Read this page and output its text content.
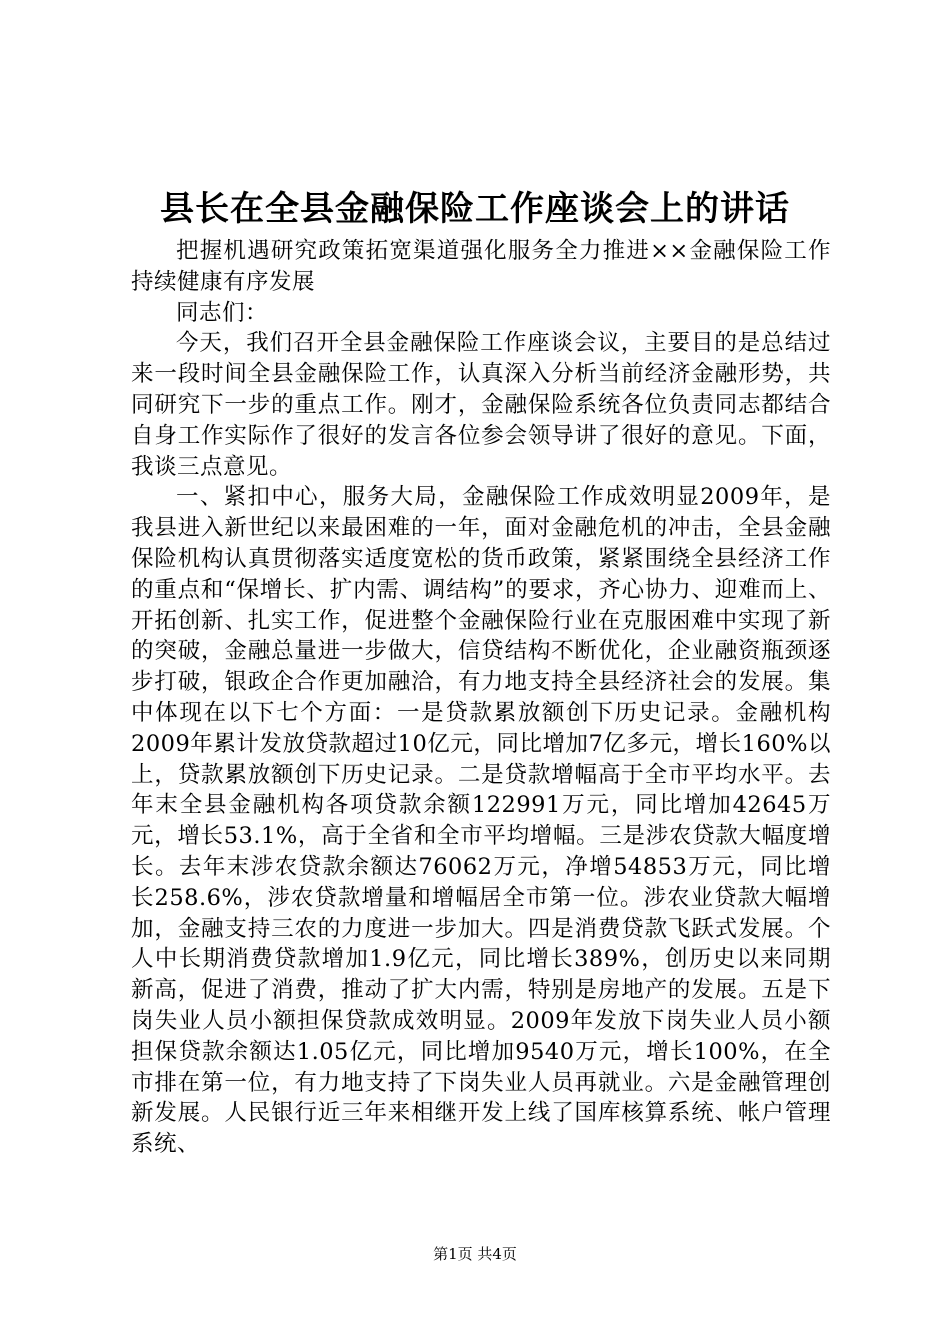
县长在全县金融保险工作座谈会上的讲话

把握机遇研究政策拓宽渠道强化服务全力推进××金融保险工作持续健康有序发展

同志们：

今天，我们召开全县金融保险工作座谈会议，主要目的是总结过来一段时间全县金融保险工作，认真深入分析当前经济金融形势，共同研究下一步的重点工作。刚才，金融保险系统各位负责同志都结合自身工作实际作了很好的发言各位参会领导讲了很好的意见。下面，我谈三点意见。

一、紧扣中心，服务大局，金融保险工作成效明显2009年，是我县进入新世纪以来最困难的一年，面对金融危机的冲击，全县金融保险机构认真贯彻落实适度宽松的货币政策，紧紧围绕全县经济工作的重点和“保增长、扩内需、调结构”的要求，齐心协力、迎难而上、开拓创新、扎实工作，促进整个金融保险行业在克服困难中实现了新的突破，金融总量进一步做大，信贷结构不断优化，企业融资瓶颈逐步打破，银政企合作更加融洽，有力地支持全县经济社会的发展。集中体现在以下七个方面：一是贷款累放额创下历史记录。金融机构2009年累计发放贷款超过10亿元，同比增加7亿多元，增长160%以上，贷款累放额创下历史记录。二是贷款增幅高于全市平均水平。去年末全县金融机构各项贷款余额122991万元，同比增加42645万元，增长53.1%，高于全省和全市平均增幅。三是涉农贷款大幅度增长。去年末涉农贷款余额达76062万元，净增54853万元，同比增长258.6%，涉农贷款增量和增幅居全市第一位。涉农业贷款大幅增加，金融支持三农的力度进一步加大。四是消费贷款飞跃式发展。个人中长期消费贷款增加1.9亿元，同比增长389%，创历史以来同期新高，促进了消费，推动了扩大内需，特别是房地产的发展。五是下岗失业人员小额担保贷款成效明显。2009年发放下岗失业人员小额担保贷款余额达1.05亿元，同比增加9540万元，增长100%，在全市排在第一位，有力地支持了下岗失业人员再就业。六是金融管理创新发展。人民银行近三年来相继开发上线了国库核算系统、帐户管理系统、

第1页 共4页
